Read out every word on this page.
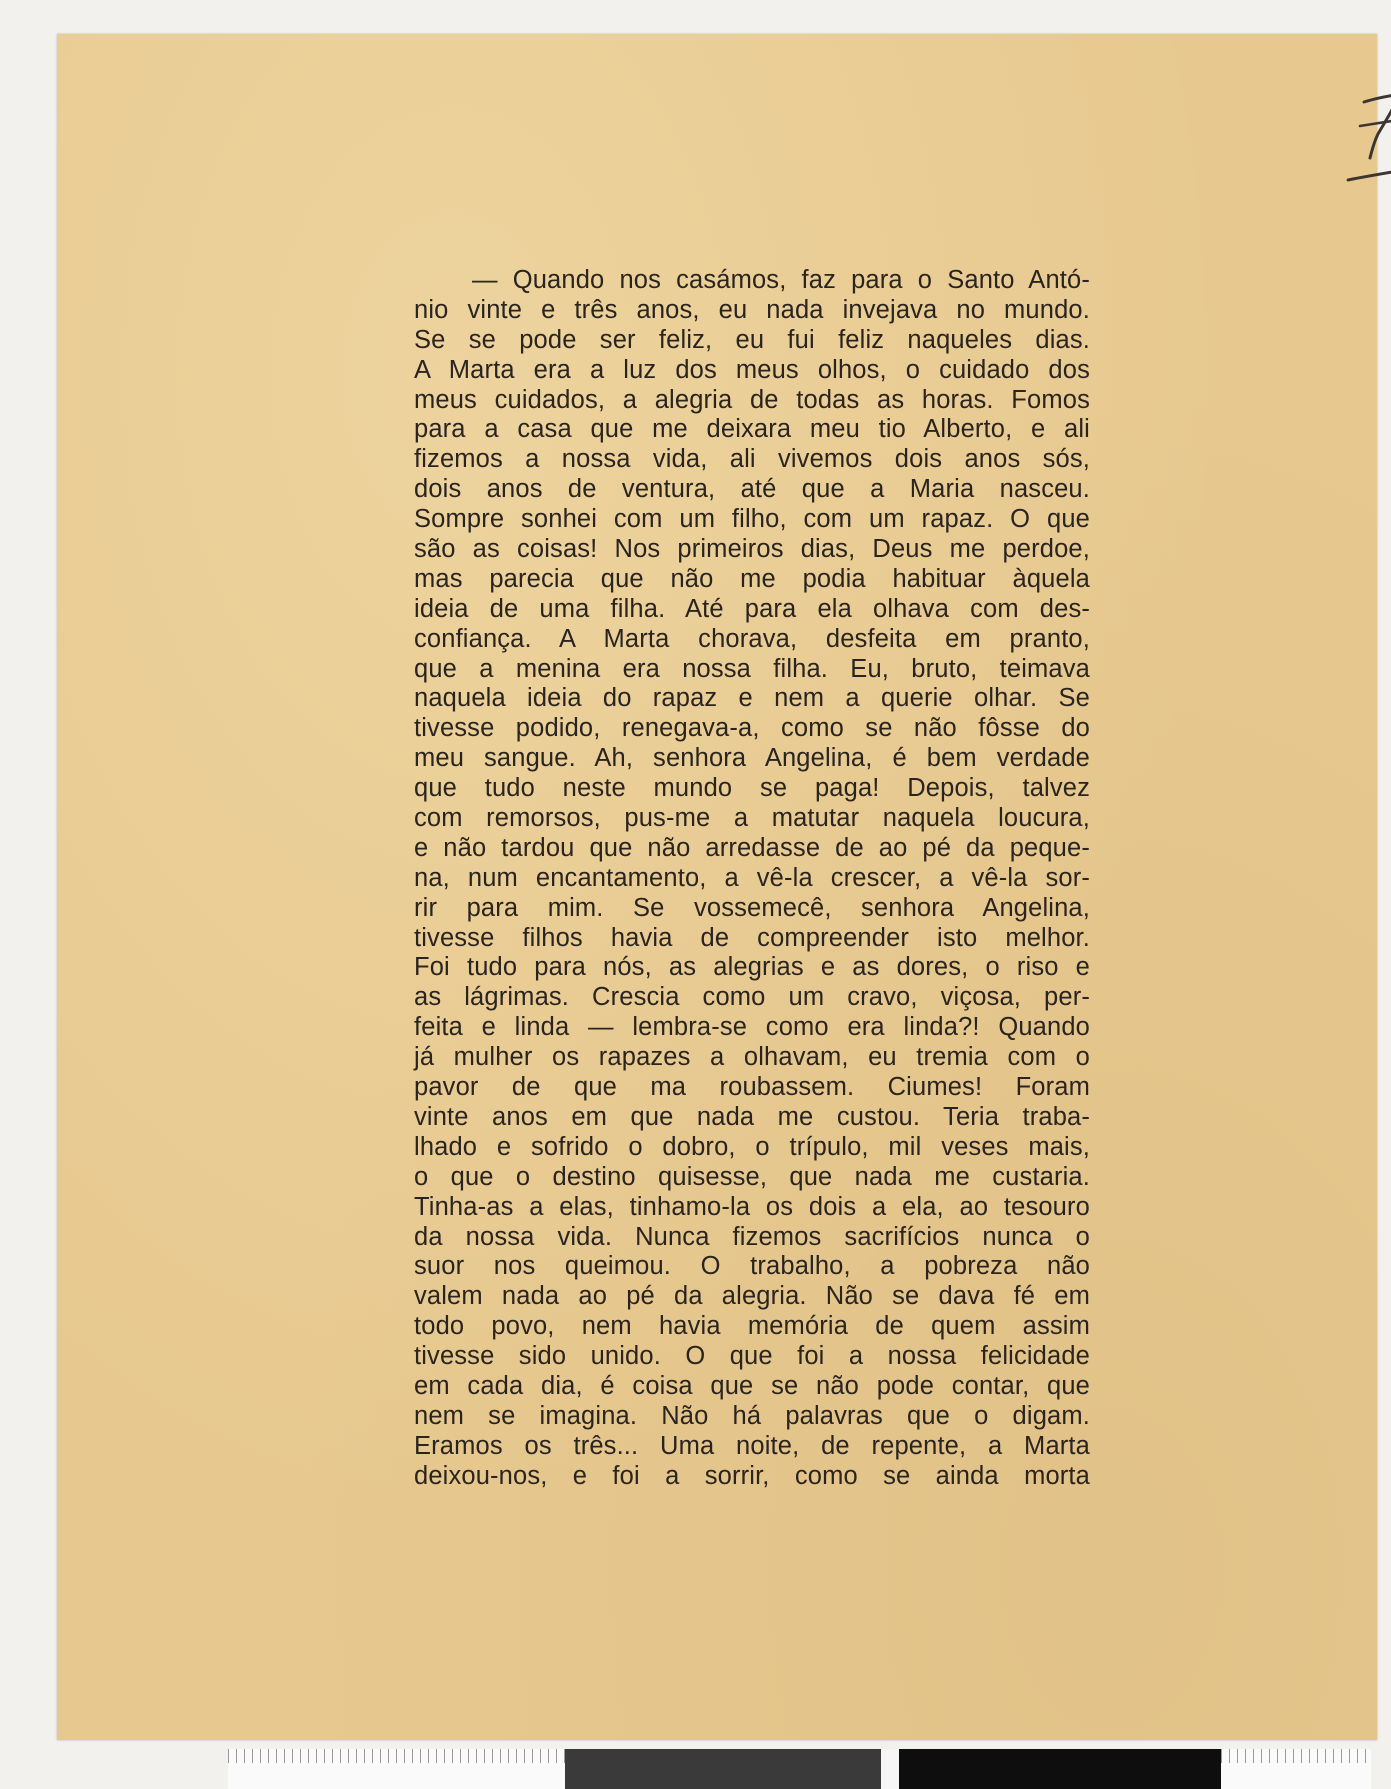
— Quando nos casámos, faz para o Santo Antó-
nio vinte e três anos, eu nada invejava no mundo.
Se se pode ser feliz, eu fui feliz naqueles dias.
A Marta era a luz dos meus olhos, o cuidado dos
meus cuidados, a alegria de todas as horas. Fomos
para a casa que me deixara meu tio Alberto, e ali
fizemos a nossa vida, ali vivemos dois anos sós,
dois anos de ventura, até que a Maria nasceu.
Sompre sonhei com um filho, com um rapaz. O que
são as coisas! Nos primeiros dias, Deus me perdoe,
mas parecia que não me podia habituar àquela
ideia de uma filha. Até para ela olhava com des-
confiança. A Marta chorava, desfeita em pranto,
que a menina era nossa filha. Eu, bruto, teimava
naquela ideia do rapaz e nem a querie olhar. Se
tivesse podido, renegava-a, como se não fôsse do
meu sangue. Ah, senhora Angelina, é bem verdade
que tudo neste mundo se paga! Depois, talvez
com remorsos, pus-me a matutar naquela loucura,
e não tardou que não arredasse de ao pé da peque-
na, num encantamento, a vê-la crescer, a vê-la sor-
rir para mim. Se vossemecê, senhora Angelina,
tivesse filhos havia de compreender isto melhor.
Foi tudo para nós, as alegrias e as dores, o riso e
as lágrimas. Crescia como um cravo, viçosa, per-
feita e linda — lembra-se como era linda?! Quando
já mulher os rapazes a olhavam, eu tremia com o
pavor de que ma roubassem. Ciumes! Foram
vinte anos em que nada me custou. Teria traba-
lhado e sofrido o dobro, o trípulo, mil veses mais,
o que o destino quisesse, que nada me custaria.
Tinha-as a elas, tinhamo-la os dois a ela, ao tesouro
da nossa vida. Nunca fizemos sacrifícios nunca o
suor nos queimou. O trabalho, a pobreza não
valem nada ao pé da alegria. Não se dava fé em
todo povo, nem havia memória de quem assim
tivesse sido unido. O que foi a nossa felicidade
em cada dia, é coisa que se não pode contar, que
nem se imagina. Não há palavras que o digam.
Eramos os três... Uma noite, de repente, a Marta
deixou-nos, e foi a sorrir, como se ainda morta
